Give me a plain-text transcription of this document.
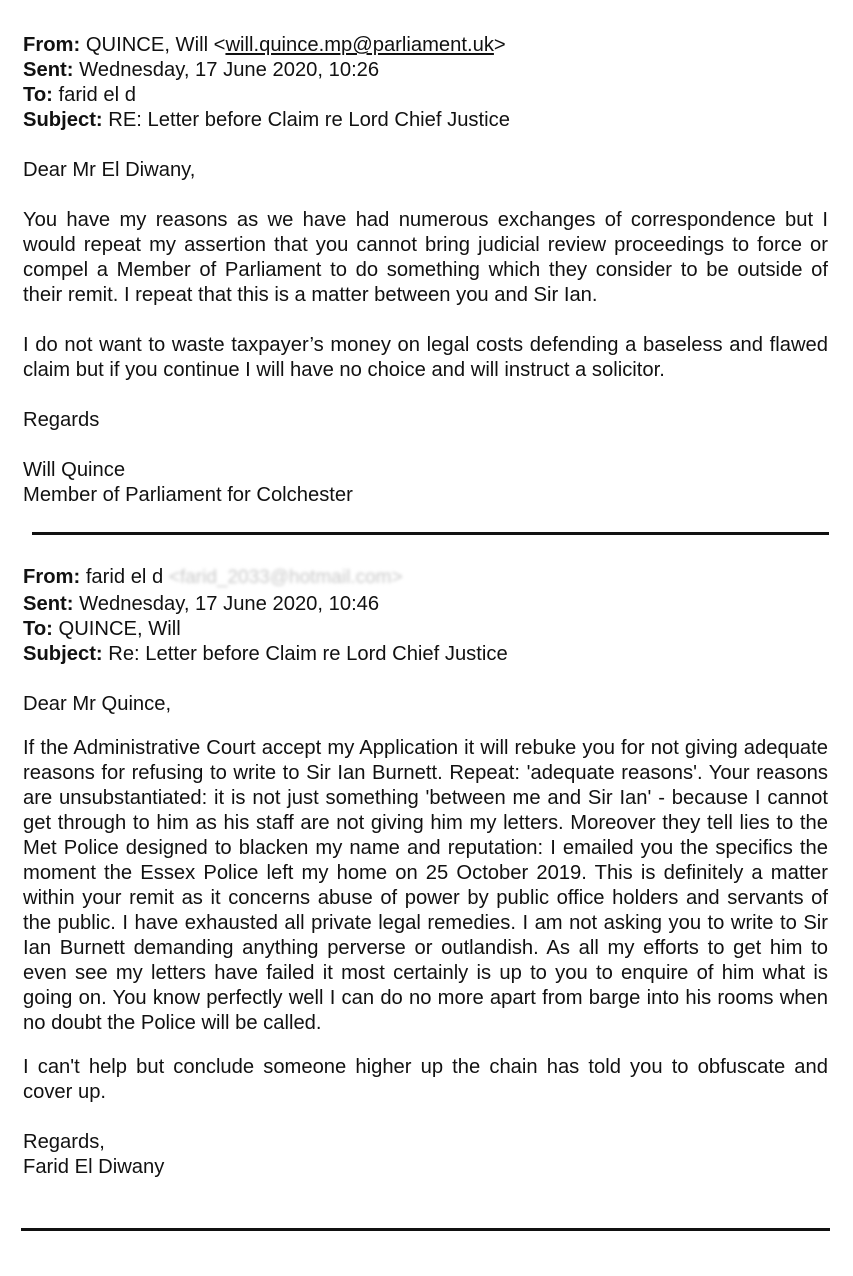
From: QUINCE, Will <will.quince.mp@parliament.uk>
Sent: Wednesday, 17 June 2020, 10:26
To: farid el d
Subject: RE: Letter before Claim re Lord Chief Justice
Dear Mr El Diwany,

You have my reasons as we have had numerous exchanges of correspondence but I would repeat my assertion that you cannot bring judicial review proceedings to force or compel a Member of Parliament to do something which they consider to be outside of their remit. I repeat that this is a matter between you and Sir Ian.

I do not want to waste taxpayer’s money on legal costs defending a baseless and flawed claim but if you continue I will have no choice and will instruct a solicitor.

Regards
Will Quince
Member of Parliament for Colchester
From: farid el d <farid_2033@hotmail.com>
Sent: Wednesday, 17 June 2020, 10:46
To: QUINCE, Will
Subject: Re: Letter before Claim re Lord Chief Justice
Dear Mr Quince,

If the Administrative Court accept my Application it will rebuke you for not giving adequate reasons for refusing to write to Sir Ian Burnett. Repeat: 'adequate reasons'. Your reasons are unsubstantiated: it is not just something 'between me and Sir Ian' - because I cannot get through to him as his staff are not giving him my letters. Moreover they tell lies to the Met Police designed to blacken my name and reputation: I emailed you the specifics the moment the Essex Police left my home on 25 October 2019. This is definitely a matter within your remit as it concerns abuse of power by public office holders and servants of the public. I have exhausted all private legal remedies. I am not asking you to write to Sir Ian Burnett demanding anything perverse or outlandish. As all my efforts to get him to even see my letters have failed it most certainly is up to you to enquire of him what is going on. You know perfectly well I can do no more apart from barge into his rooms when no doubt the Police will be called.

I can't help but conclude someone higher up the chain has told you to obfuscate and cover up.

Regards,
Farid El Diwany
